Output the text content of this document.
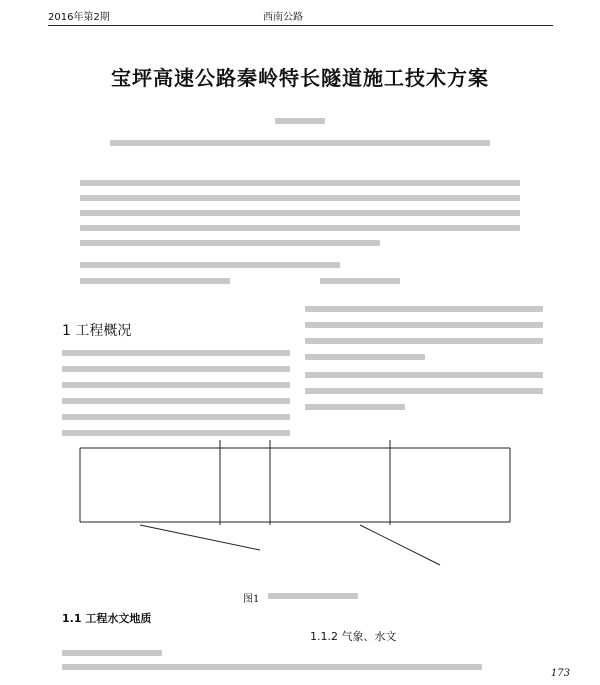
2016年第2期	西南公路
宝坪高速公路秦岭特长隧道施工技术方案
1 工程概况
图1
1.1 工程水文地质
1.1.2 气象、水文
173
